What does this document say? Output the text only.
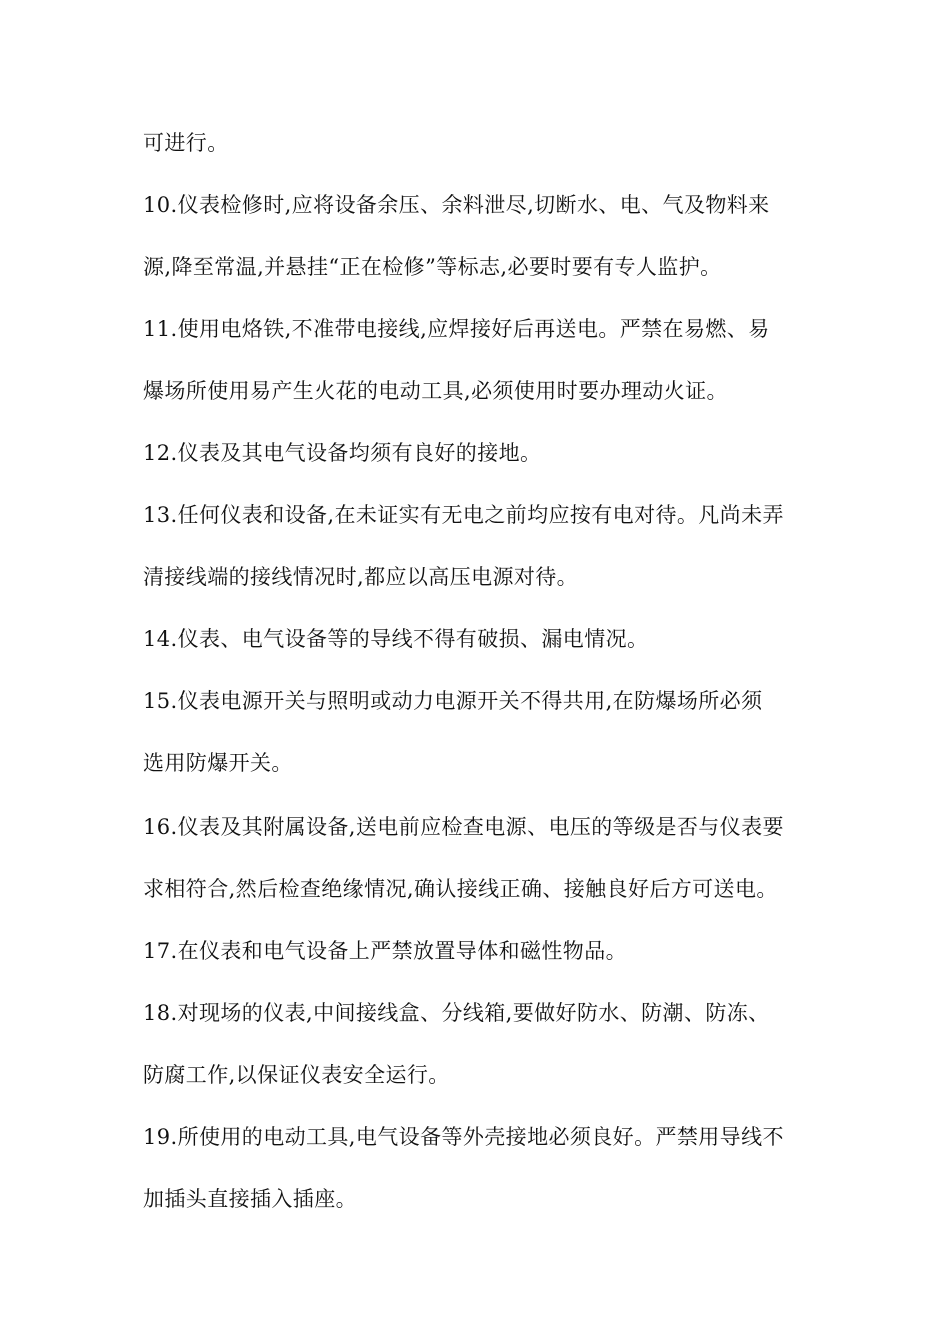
可进行。
10.仪表检修时,应将设备余压、余料泄尽,切断水、电、气及物料来
源,降至常温,并悬挂“正在检修”等标志,必要时要有专人监护。
11.使用电烙铁,不准带电接线,应焊接好后再送电。严禁在易燃、易
爆场所使用易产生火花的电动工具,必须使用时要办理动火证。
12.仪表及其电气设备均须有良好的接地。
13.任何仪表和设备,在未证实有无电之前均应按有电对待。凡尚未弄
清接线端的接线情况时,都应以高压电源对待。
14.仪表、电气设备等的导线不得有破损、漏电情况。
15.仪表电源开关与照明或动力电源开关不得共用,在防爆场所必须
选用防爆开关。
16.仪表及其附属设备,送电前应检查电源、电压的等级是否与仪表要
求相符合,然后检查绝缘情况,确认接线正确、接触良好后方可送电。
17.在仪表和电气设备上严禁放置导体和磁性物品。
18.对现场的仪表,中间接线盒、分线箱,要做好防水、防潮、防冻、
防腐工作,以保证仪表安全运行。
19.所使用的电动工具,电气设备等外壳接地必须良好。严禁用导线不
加插头直接插入插座。
